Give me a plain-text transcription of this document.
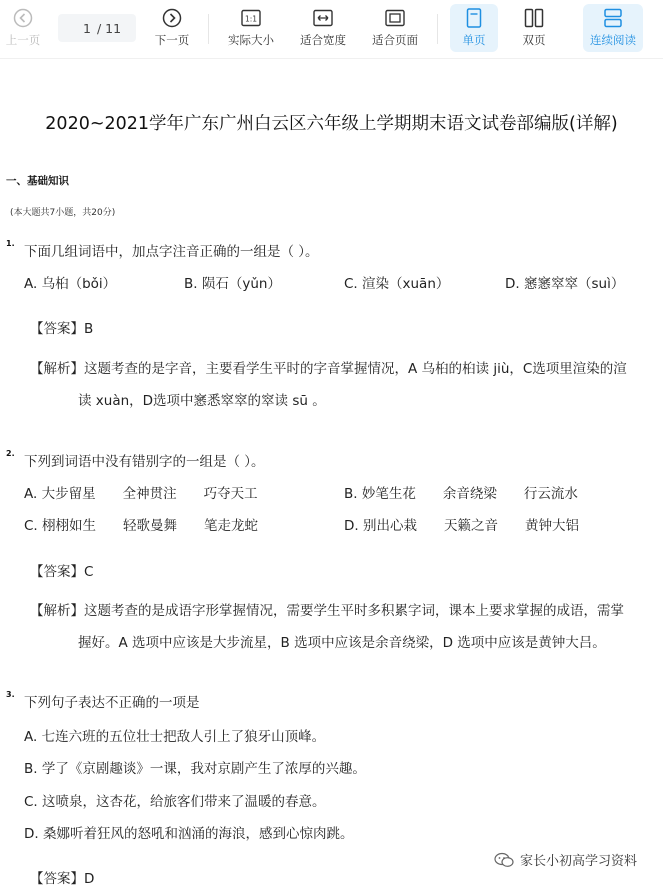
上一页
1
/ 11
下一页
1:1
实际大小 适合宽度 适合页面	单页	双页	连续阅读
2020~2021学年广东广州白云区六年级上学期期末语文试卷部编版(详解)
一、基础知识
(本大题共7小题，共20分)
1.
下面几组词语中，加点字注音正确的一组是（ ）。
A. 乌桕（bǒi）	B. 陨石（yǔn）	C. 渲染（xuān）	D. 窸窸窣窣（suì）
【答案】B
【解析】这题考查的是字音，主要看学生平时的字音掌握情况，A 乌桕的桕读 jiù，C选项里渲染的渲
读 xuàn，D选项中窸悉窣窣的窣读 sū 。
2.
下列到词语中没有错别字的一组是（ ）。
A. 大步留星　　全神贯注　　巧夺天工	B. 妙笔生花　　余音绕梁　　行云流水
C. 栩栩如生　　轻歌曼舞　　笔走龙蛇	D. 别出心栽　　天籁之音　　黄钟大铝
【答案】C
【解析】这题考查的是成语字形掌握情况，需要学生平时多积累字词，课本上要求掌握的成语，需掌
握好。A 选项中应该是大步流星，B 选项中应该是余音绕梁，D 选项中应该是黄钟大吕。
3.
下列句子表达不正确的一项是
A. 七连六班的五位壮士把敌人引上了狼牙山顶峰。
B. 学了《京剧趣谈》一课，我对京剧产生了浓厚的兴趣。
C. 这喷泉，这杏花，给旅客们带来了温暖的春意。
D. 桑娜听着狂风的怒吼和汹涌的海浪，感到心惊肉跳。
【答案】D
家长小初高学习资料
